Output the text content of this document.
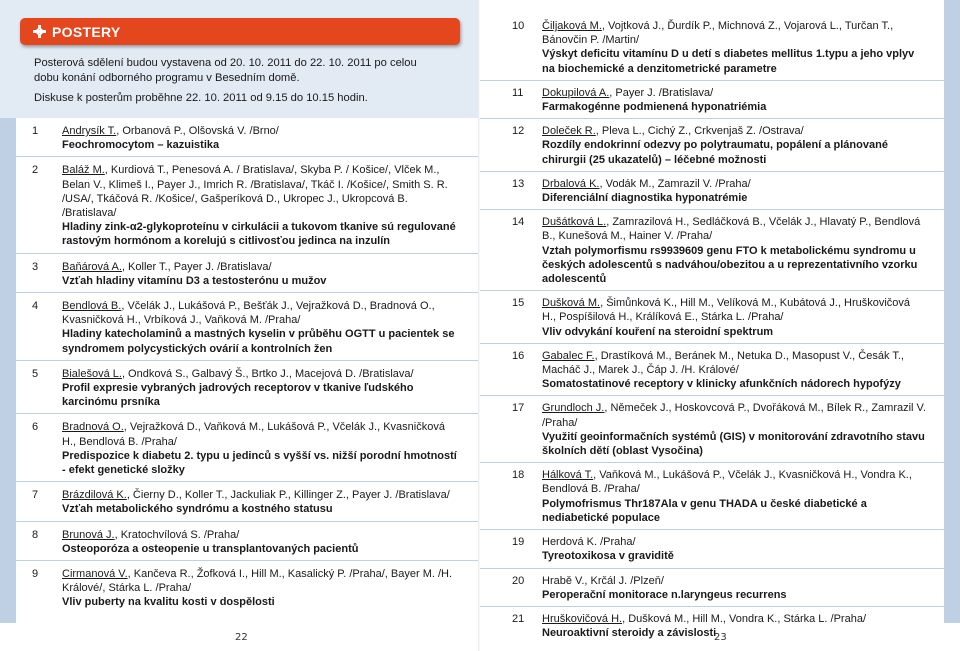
POSTERY

Posterová sdělení budou vystavena od 20. 10. 2011 do 22. 10. 2011 po celou dobu konání odborného programu v Besedním domě.

Diskuse k posterům proběhne 22. 10. 2011 od 9.15 do 10.15 hodin.

1	Andrysík T., Orbanová P., Olšovská V. /Brno/
Feochromocytom – kazuistika
2	Baláž M., Kurdiová T., Penesová A. / Bratislava/, Skyba P. / Košice/, Vlček M., Belan V., Klimeš I., Payer J., Imrich R. /Bratislava/, Tkáč I. /Košice/, Smith S. R. /USA/, Tkáčová R. /Košice/, Gašperíková D., Ukropec J., Ukropcová B. /Bratislava/
Hladiny zink-α2-glykoproteínu v cirkulácii a tukovom tkanive sú regulované rastovým hormónom a korelujú s citlivosťou jedinca na inzulín
3	Baňárová A., Koller T., Payer J. /Bratislava/
Vzťah hladiny vitamínu D3 a testosterónu u mužov
4	Bendlová B., Včelák J., Lukášová P., Bešťák J., Vejražková D., Bradnová O., Kvasničková H., Vrbíková J., Vaňková M. /Praha/
Hladiny katecholaminů a mastných kyselin v průběhu OGTT u pacientek se syndromem polycystických ovárií a kontrolních žen
5	Bialešová L., Ondková S., Galbavý Š., Brtko J., Macejová D. /Bratislava/
Profil expresie vybraných jadrových receptorov v tkanive ľudského karcinómu prsníka
6	Bradnová O., Vejražková D., Vaňková M., Lukášová P., Včelák J., Kvasničková H., Bendlová B. /Praha/
Predispozice k diabetu 2. typu u jedinců s vyšší vs. nižší porodní hmotností - efekt genetické složky
7	Brázdilová K., Čierny D., Koller T., Jackuliak P., Killinger Z., Payer J. /Bratislava/
Vzťah metabolického syndrómu a kostného statusu
8	Brunová J., Kratochvílová S. /Praha/
Osteoporóza a osteopenie u transplantovaných pacientů
9	Cirmanová V., Kančeva R., Žofková I., Hill M., Kasalický P. /Praha/, Bayer M. /H. Králové/, Stárka L. /Praha/
Vliv puberty na kvalitu kosti v dospělosti
22
10	Čiljaková M., Vojtková J., Ďurdík P., Michnová Z., Vojarová L., Turčan T., Bánovčin P. /Martin/
Výskyt deficitu vitamínu D u detí s diabetes mellitus 1.typu a jeho vplyv na biochemické a denzitometrické parametre
11	Dokupilová A., Payer J. /Bratislava/
Farmakogénne podmienená hyponatriémia
12	Doleček R., Pleva L., Cichý Z., Crkvenjaš Z. /Ostrava/
Rozdíly endokrinní odezvy po polytraumatu, popálení a plánované chirurgii (25 ukazatelů) – léčebné možnosti
13	Drbalová K., Vodák M., Zamrazil V. /Praha/
Diferenciální diagnostika hyponatrémie
14	Dušátková L., Zamrazilová H., Sedláčková B., Včelák J., Hlavatý P., Bendlová B., Kunešová M., Hainer V. /Praha/
Vztah polymorfismu rs9939609 genu FTO k metabolickému syndromu u českých adolescentů s nadváhou/obezitou a u reprezentativního vzorku adolescentů
15	Dušková M., Šimůnková K., Hill M., Velíková M., Kubátová J., Hruškovičová H., Pospíšilová H., Králíková E., Stárka L. /Praha/
Vliv odvykání kouření na steroidní spektrum
16	Gabalec F., Drastíková M., Beránek M., Netuka D., Masopust V., Česák T., Macháč J., Marek J., Čáp J. /H. Králové/
Somatostatinové receptory v klinicky afunkčních nádorech hypofýzy
17	Grundloch J., Němeček J., Hoskovcová P., Dvořáková M., Bílek R., Zamrazil V. /Praha/
Využití geoinformačních systémů (GIS) v monitorování zdravotního stavu školních dětí (oblast Vysočina)
18	Hálková T., Vaňková M., Lukášová P., Včelák J., Kvasničková H., Vondra K., Bendlová B. /Praha/
Polymofrismus Thr187Ala v genu THADA u české diabetické a nediabetické populace
19	Herdová K. /Praha/
Tyreotoxikosa v graviditě
20	Hrabě V., Krčál J. /Plzeň/
Peroperační monitorace n.laryngeus recurrens
21	Hruškovičová H., Dušková M., Hill M., Vondra K., Stárka L. /Praha/
Neuroaktivní steroidy a závislosti
23
